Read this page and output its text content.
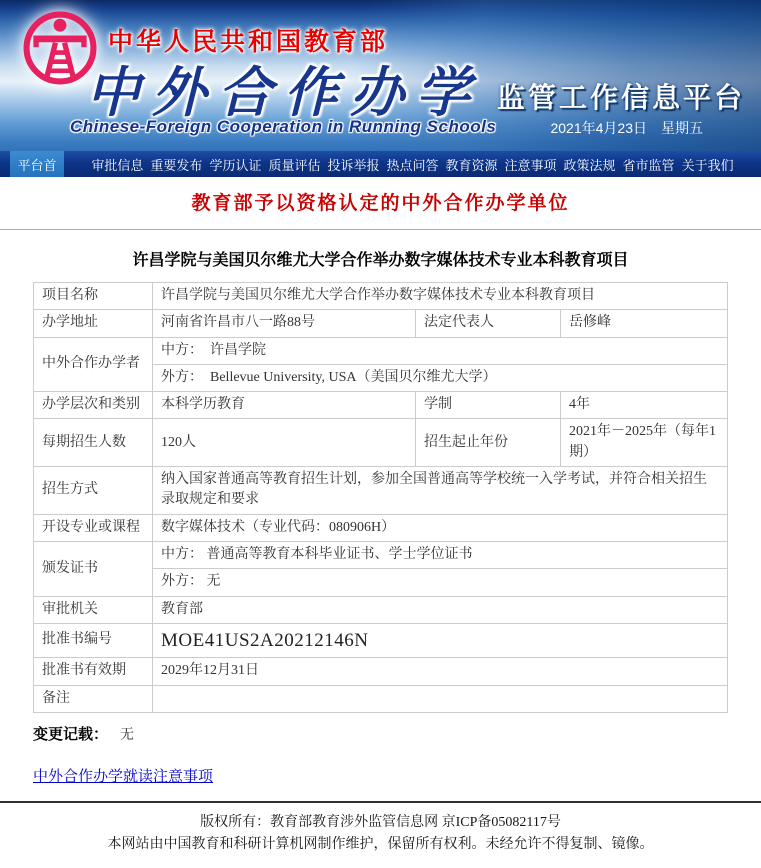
中华人民共和国教育部
中外合作办学
Chinese-Foreign Cooperation in Running Schools
监管工作信息平台
2021年4月23日　星期五
平台首	审批信息 重要发布 学历认证 质量评估 投诉举报 热点问答 教育资源 注意事项 政策法规 省市监管 关于我们
教育部予以资格认定的中外合作办学单位
许昌学院与美国贝尔维尤大学合作举办数字媒体技术专业本科教育项目
项目名称	许昌学院与美国贝尔维尤大学合作举办数字媒体技术专业本科教育项目		
办学地址	河南省许昌市八一路88号	法定代表人	岳修峰
中外合作办学者	中方：　许昌学院		
	外方：　Bellevue University, USA（美国贝尔维尤大学）		
办学层次和类别	本科学历教育	学制	4年
每期招生人数	120人	招生起止年份	2021年－2025年（每年1期）
招生方式	纳入国家普通高等教育招生计划，参加全国普通高等学校统一入学考试，并符合相关招生录取规定和要求		
开设专业或课程	数字媒体技术（专业代码：080906H）		
颁发证书	中方： 普通高等教育本科毕业证书、学士学位证书		
	外方： 无		
审批机关	教育部		
批准书编号	MOE41US2A20212146N		
批准书有效期	2029年12月31日		
备注			
变更记载： 无
中外合作办学就读注意事项
版权所有：教育部教育涉外监管信息网 京ICP备05082117号
本网站由中国教育和科研计算机网制作维护，保留所有权利。未经允许不得复制、镜像。
